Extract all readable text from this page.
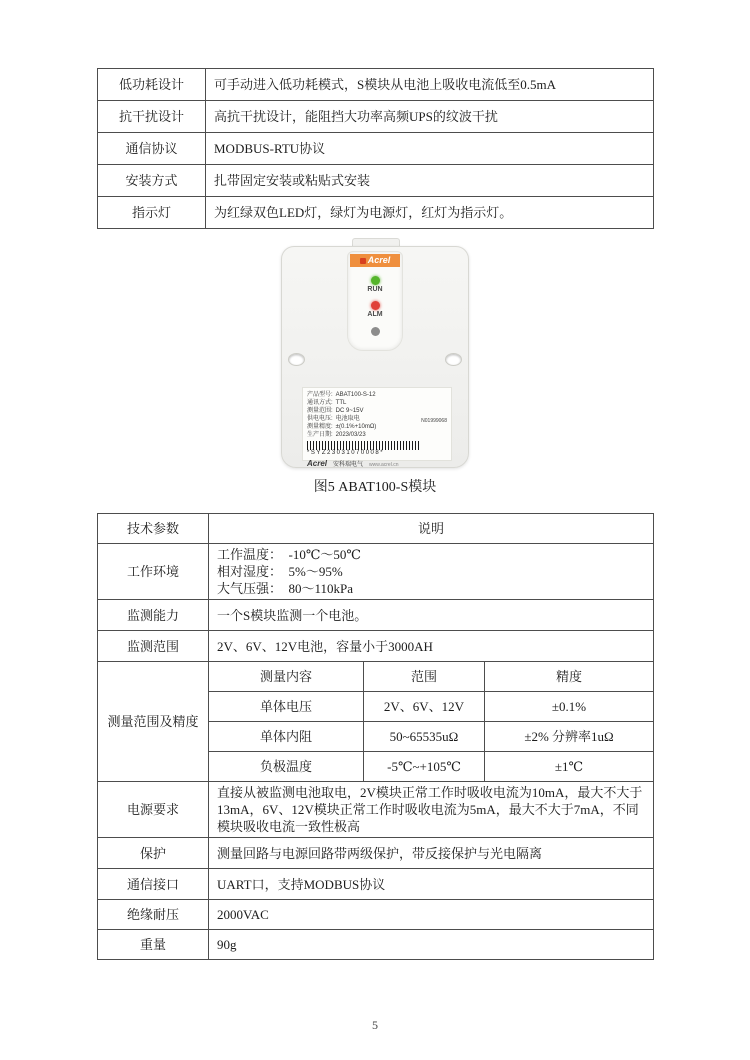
低功耗设计	可手动进入低功耗模式，S模块从电池上吸收电流低至0.5mA
抗干扰设计	高抗干扰设计，能阻挡大功率高频UPS的纹波干扰
通信协议	MODBUS-RTU协议
安装方式	扎带固定安装或粘贴式安装
指示灯	为红绿双色LED灯，绿灯为电源灯，红灯为指示灯。
Acrel
RUN
ALM
产品型号: ABAT100-S-12
通讯方式: TTL
测量范围: DC 9~15V
供电电压: 电池取电
测量精度: ±(0.1%+10mΩ)
生产日期: 2023/03/23
N01999068
*SYZ23031070008*
Acrel 安科瑞电气 www.acrel.cn
图5 ABAT100-S模块
技术参数	说明		
工作环境	工作温度：  -10℃～50℃
相对湿度：  5%～95%
大气压强：  80～110kPa		

监测能力	一个S模块监测一个电池。		
监测范围	2V、6V、12V电池，容量小于3000AH		
测量范围及精度	测量内容	范围	精度
	单体电压	2V、6V、12V	±0.1%
	单体内阻	50~65535uΩ	±2% 分辨率1uΩ
	负极温度	-5℃~+105℃	±1℃
电源要求	直接从被监测电池取电，2V模块正常工作时吸收电流为10mA，最大不大于13mA，6V、12V模块正常工作时吸收电流为5mA，最大不大于7mA，不同模块吸收电流一致性极高		
保护	测量回路与电源回路带两级保护，带反接保护与光电隔离		
通信接口	UART口，支持MODBUS协议		
绝缘耐压	2000VAC		
重量	90g		
5
